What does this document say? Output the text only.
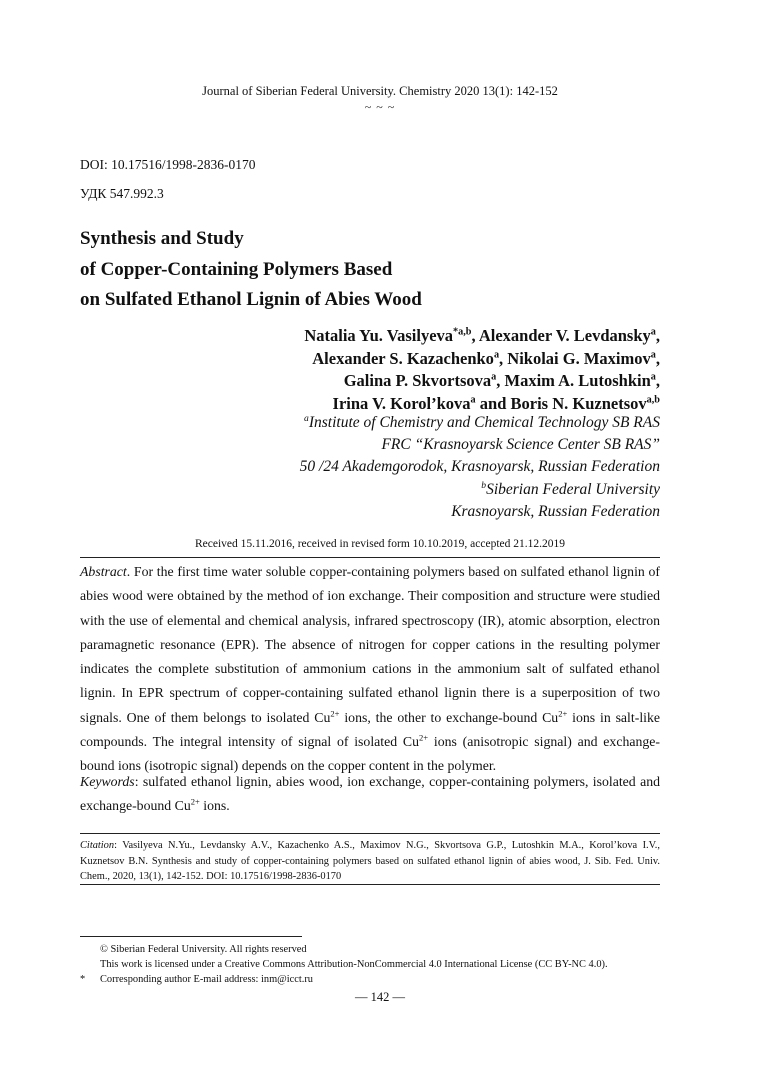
Journal of Siberian Federal University. Chemistry 2020 13(1): 142-152
~ ~ ~
DOI: 10.17516/1998-2836-0170
УДК 547.992.3
Synthesis and Study
of Copper-Containing Polymers Based
on Sulfated Ethanol Lignin of Abies Wood
Natalia Yu. Vasilyeva$^{*a,b}$, Alexander V. Levdansky$^a$,
Alexander S. Kazachenko$^a$, Nikolai G. Maximov$^a$,
Galina P. Skvortsova$^a$, Maxim A. Lutoshkin$^a$,
Irina V. Korol’kova$^a$ and Boris N. Kuznetsov$^{a,b}$
$^a$Institute of Chemistry and Chemical Technology SB RAS
FRC “Krasnoyarsk Science Center SB RAS”
50 /24 Akademgorodok, Krasnoyarsk, Russian Federation
$^b$Siberian Federal University
Krasnoyarsk, Russian Federation
Received 15.11.2016, received in revised form 10.10.2019, accepted 21.12.2019
Abstract. For the first time water soluble copper-containing polymers based on sulfated ethanol lignin of abies wood were obtained by the method of ion exchange. Their composition and structure were studied with the use of elemental and chemical analysis, infrared spectroscopy (IR), atomic absorption, electron paramagnetic resonance (EPR). The absence of nitrogen for copper cations in the resulting polymer indicates the complete substitution of ammonium cations in the ammonium salt of sulfated ethanol lignin. In EPR spectrum of copper-containing sulfated ethanol lignin there is a superposition of two signals. One of them belongs to isolated $Cu^{2+}$ ions, the other to exchange-bound $Cu^{2+}$ ions in salt-like compounds. The integral intensity of signal of isolated $Cu^{2+}$ ions (anisotropic signal) and exchange-bound ions (isotropic signal) depends on the copper content in the polymer.
Keywords: sulfated ethanol lignin, abies wood, ion exchange, copper-containing polymers, isolated and exchange-bound $Cu^{2+}$ ions.
Citation: Vasilyeva N.Yu., Levdansky A.V., Kazachenko A.S., Maximov N.G., Skvortsova G.P., Lutoshkin M.A., Korol’kova I.V., Kuznetsov B.N. Synthesis and study of copper-containing polymers based on sulfated ethanol lignin of abies wood, J. Sib. Fed. Univ. Chem., 2020, 13(1), 142-152. DOI: 10.17516/1998-2836-0170
© Siberian Federal University. All rights reserved
This work is licensed under a Creative Commons Attribution-NonCommercial 4.0 International License (CC BY-NC 4.0).
*	Corresponding author E-mail address: inm@icct.ru
— 142 —
